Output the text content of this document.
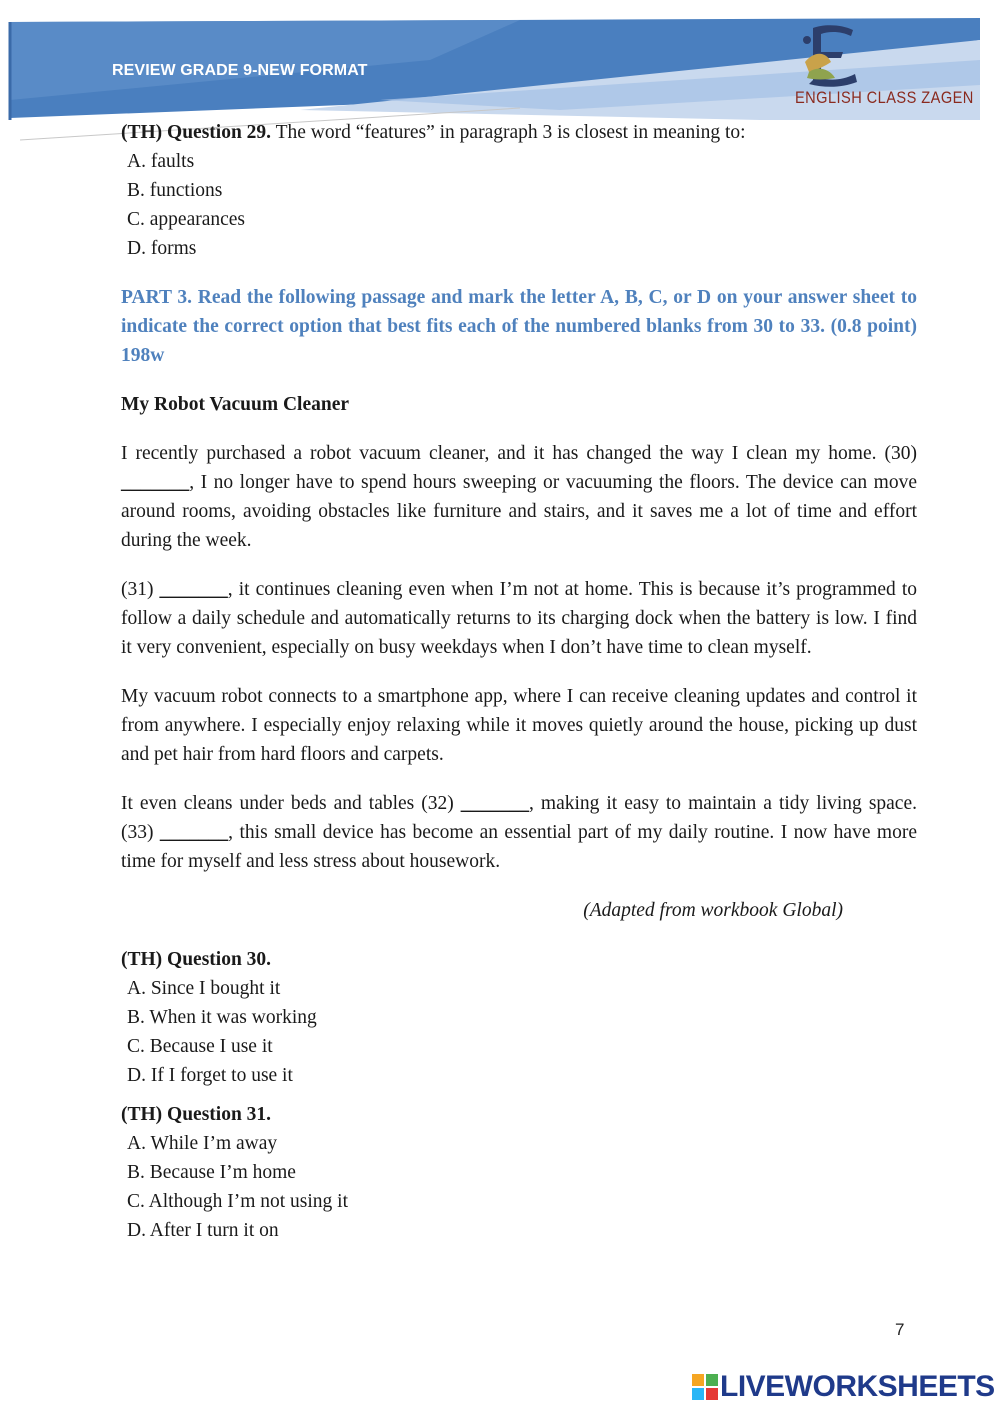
REVIEW GRADE 9-NEW FORMAT
ENGLISH CLASS ZAGEN
(TH) Question 29. The word “features” in paragraph 3 is closest in meaning to:
A. faults
B. functions
C. appearances
D. forms
PART 3. Read the following passage and mark the letter A, B, C, or D on your answer sheet to indicate the correct option that best fits each of the numbered blanks from 30 to 33. (0.8 point) 198w
My Robot Vacuum Cleaner
I recently purchased a robot vacuum cleaner, and it has changed the way I clean my home. (30) _______, I no longer have to spend hours sweeping or vacuuming the floors. The device can move around rooms, avoiding obstacles like furniture and stairs, and it saves me a lot of time and effort during the week.
(31) _______, it continues cleaning even when I’m not at home. This is because it’s programmed to follow a daily schedule and automatically returns to its charging dock when the battery is low. I find it very convenient, especially on busy weekdays when I don’t have time to clean myself.
My vacuum robot connects to a smartphone app, where I can receive cleaning updates and control it from anywhere. I especially enjoy relaxing while it moves quietly around the house, picking up dust and pet hair from hard floors and carpets.
It even cleans under beds and tables (32) _______, making it easy to maintain a tidy living space. (33) _______, this small device has become an essential part of my daily routine. I now have more time for myself and less stress about housework.
(Adapted from workbook Global)
(TH) Question 30.
A. Since I bought it
B. When it was working
C. Because I use it
D. If I forget to use it
(TH) Question 31.
A. While I’m away
B. Because I’m home
C. Although I’m not using it
D. After I turn it on
7
LIVEWORKSHEETS
